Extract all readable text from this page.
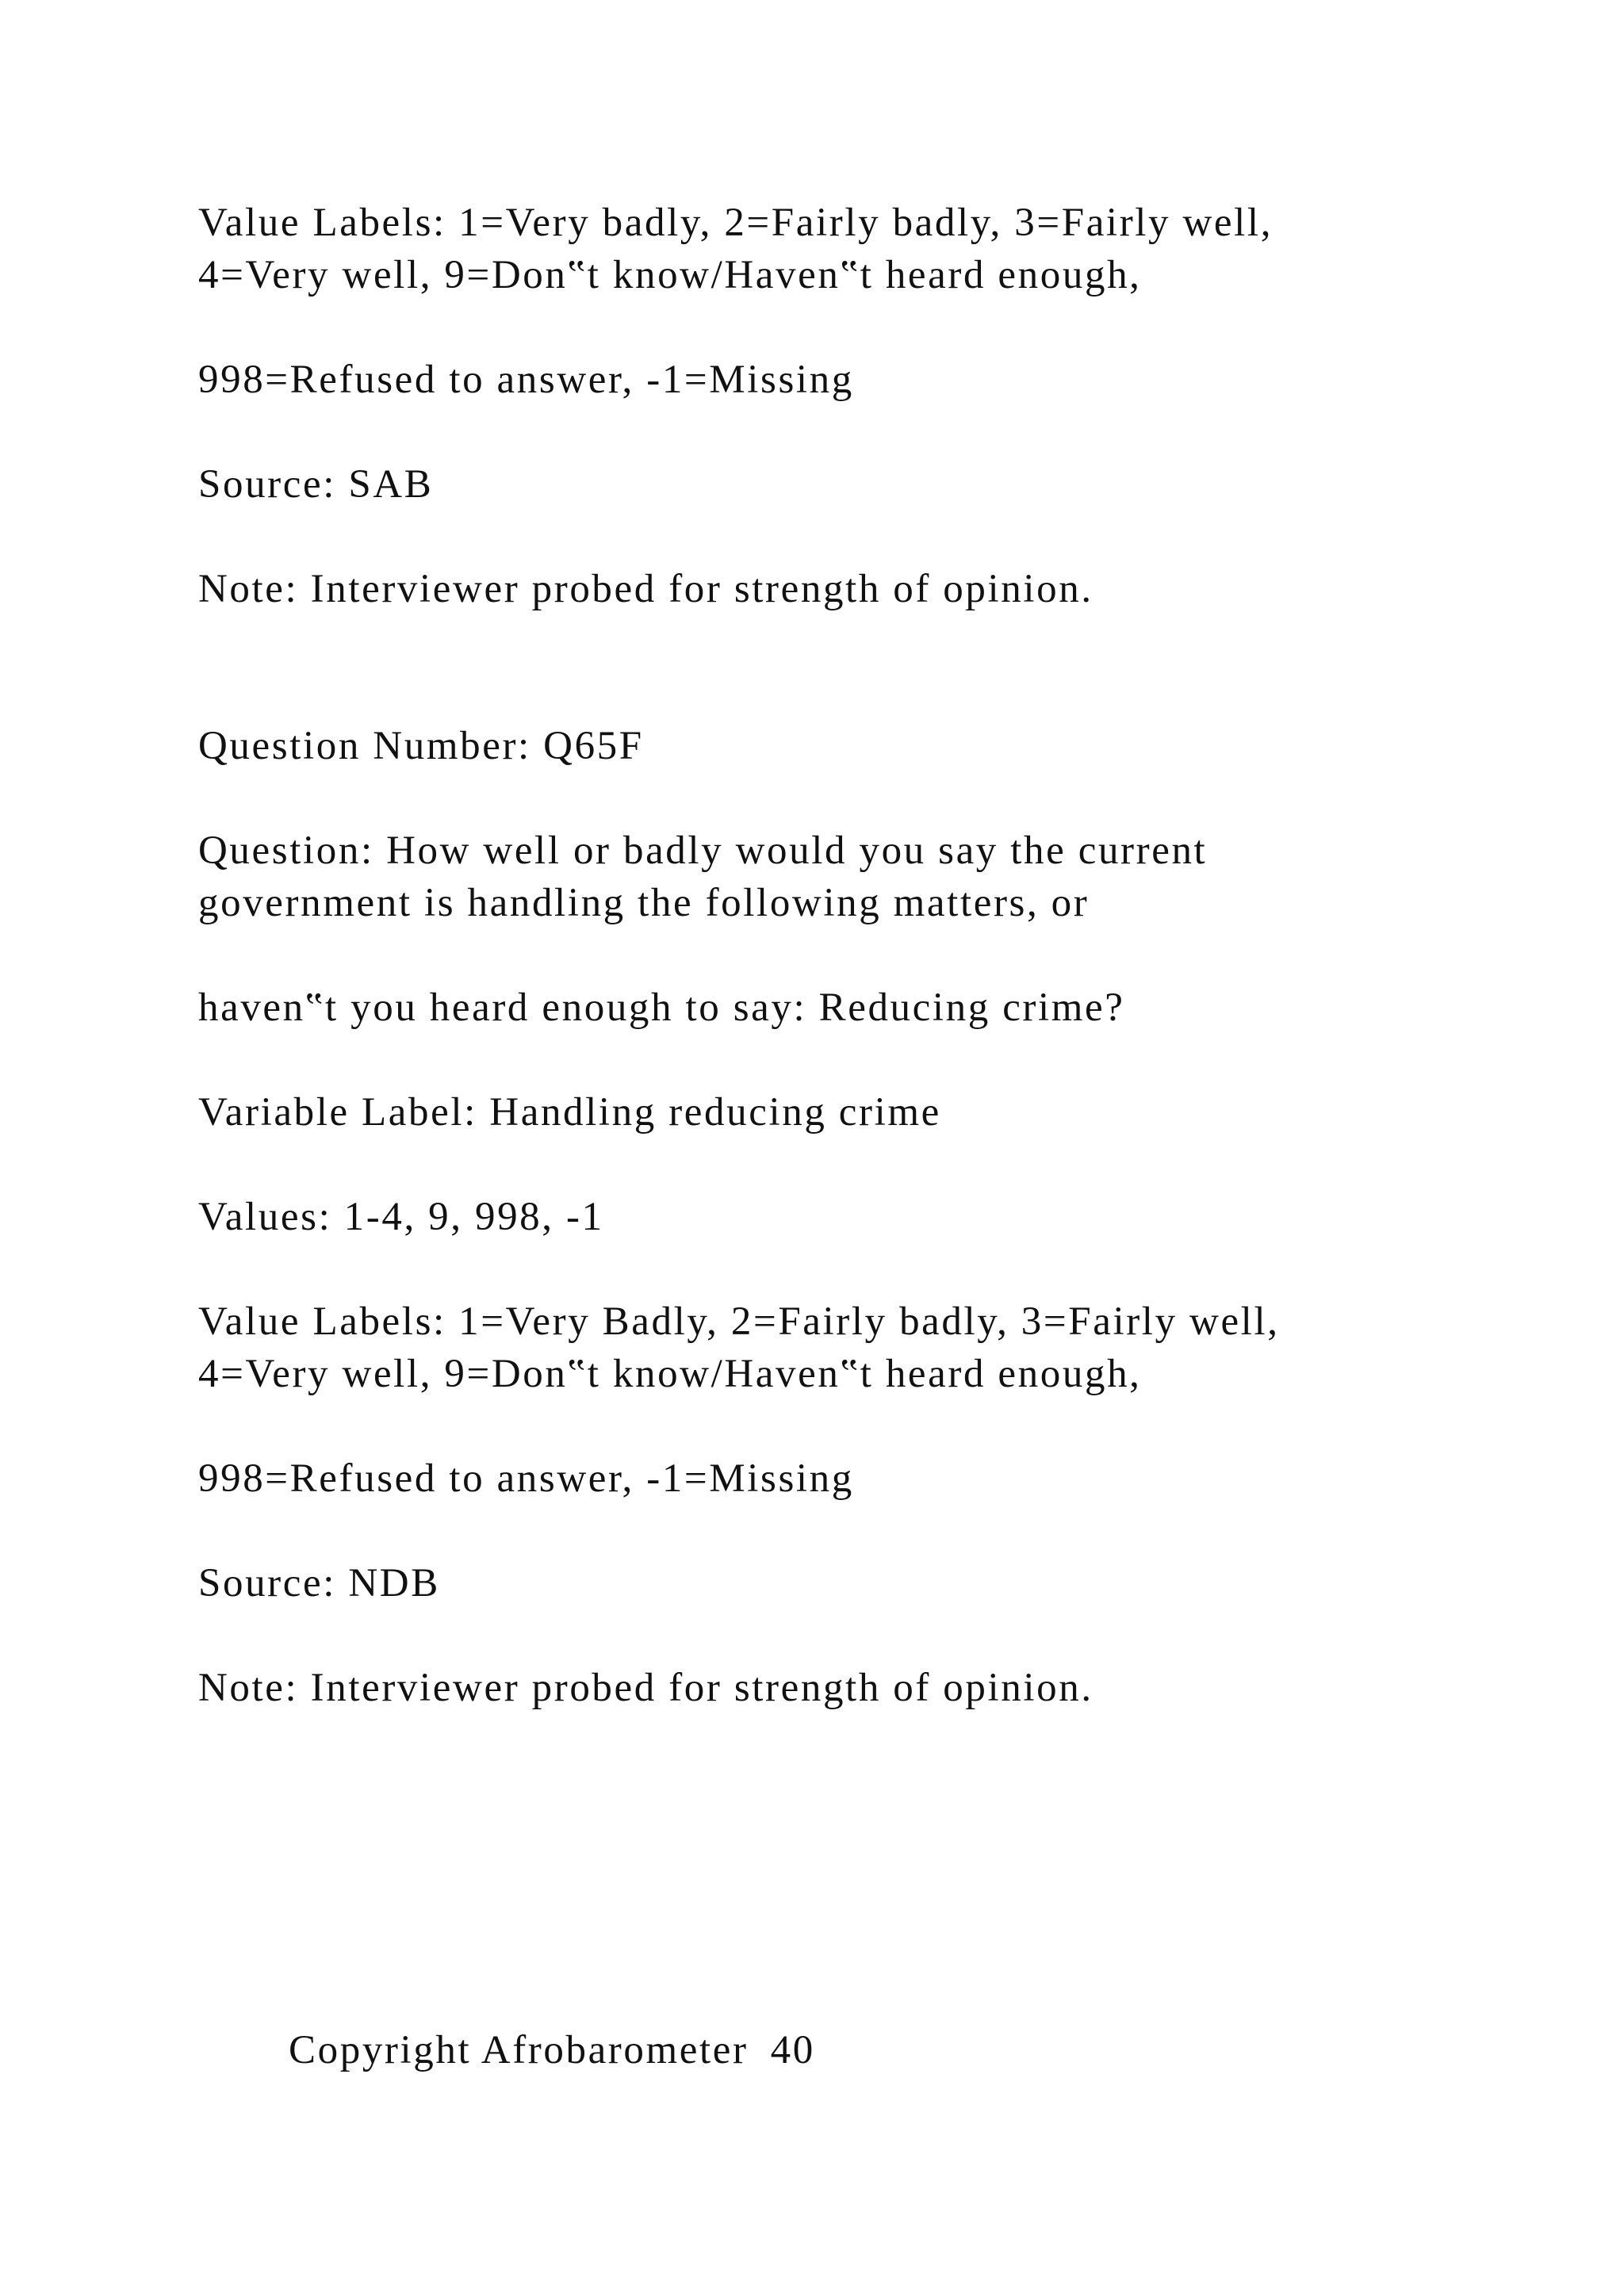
Value Labels: 1=Very badly, 2=Fairly badly, 3=Fairly well,
4=Very well, 9=Don‟t know/Haven‟t heard enough,
998=Refused to answer, -1=Missing
Source: SAB
Note: Interviewer probed for strength of opinion.
Question Number: Q65F
Question: How well or badly would you say the current
government is handling the following matters, or
haven‟t you heard enough to say: Reducing crime?
Variable Label: Handling reducing crime
Values: 1-4, 9, 998, -1
Value Labels: 1=Very Badly, 2=Fairly badly, 3=Fairly well,
4=Very well, 9=Don‟t know/Haven‟t heard enough,
998=Refused to answer, -1=Missing
Source: NDB
Note: Interviewer probed for strength of opinion.
Copyright Afrobarometer 40
